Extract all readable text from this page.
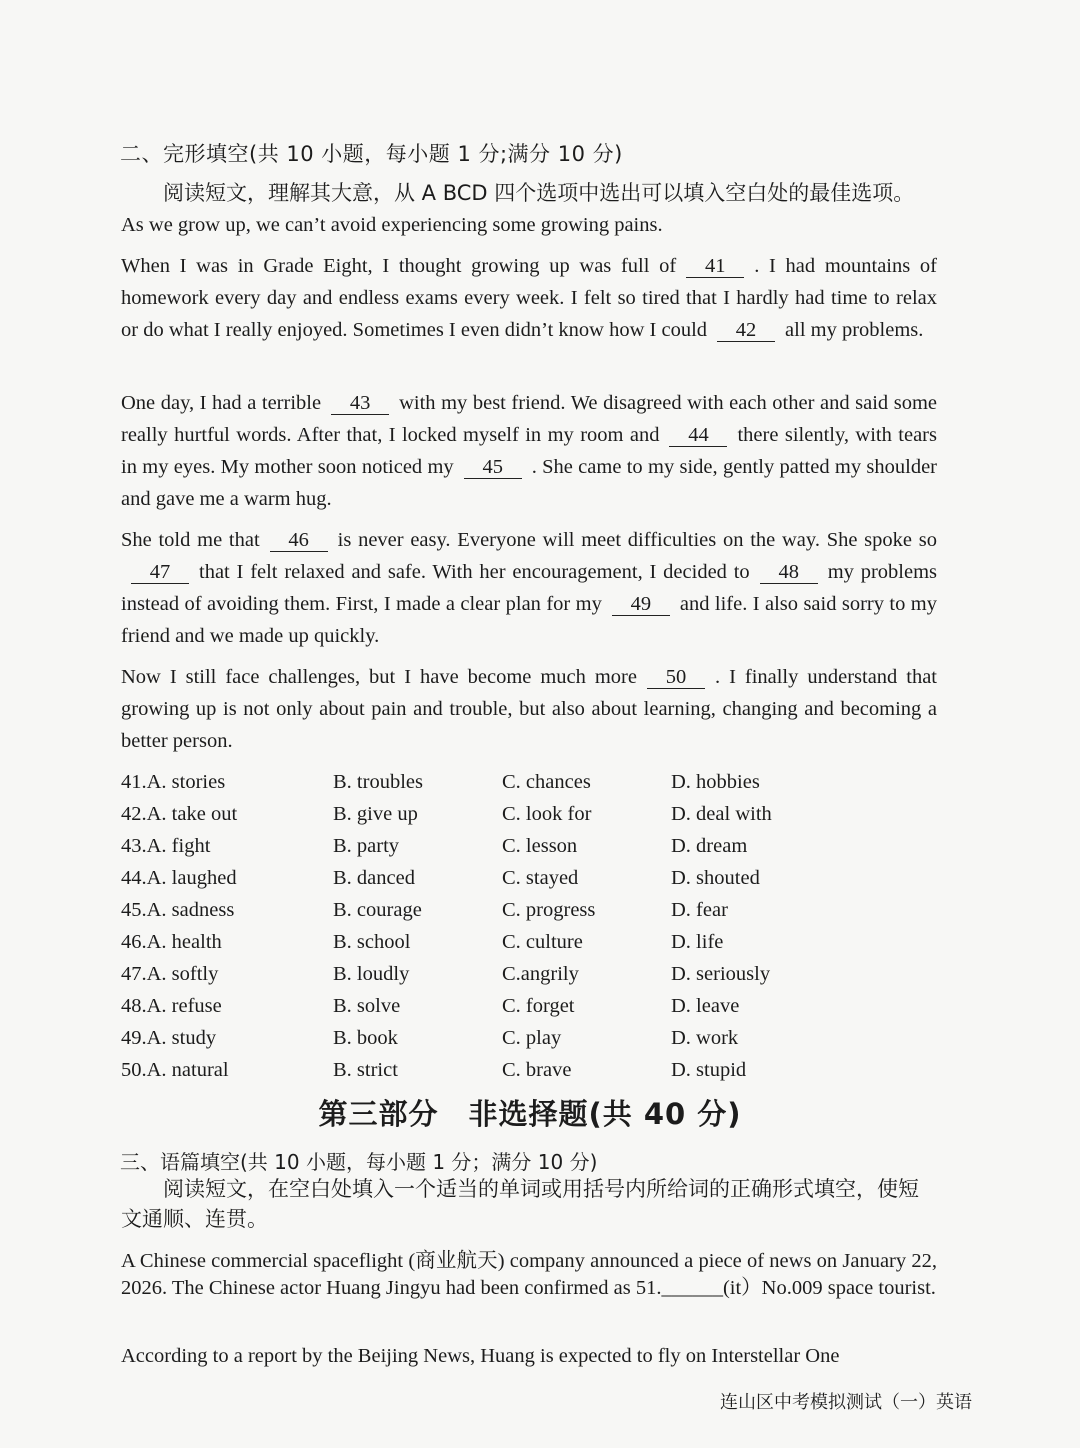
二、完形填空(共 10 小题，每小题 1 分;满分 10 分)
阅读短文，理解其大意，从 A BCD 四个选项中选出可以填入空白处的最佳选项。
As we grow up, we can’t avoid experiencing some growing pains.
When I was in Grade Eight, I thought growing up was full of 41 . I had mountains of homework every day and endless exams every week. I felt so tired that I hardly had time to relax or do what I really enjoyed. Sometimes I even didn’t know how I could 42 all my problems.
One day, I had a terrible 43 with my best friend. We disagreed with each other and said some really hurtful words. After that, I locked myself in my room and 44 there silently, with tears in my eyes. My mother soon noticed my 45 . She came to my side, gently patted my shoulder and gave me a warm hug.
She told me that 46 is never easy. Everyone will meet difficulties on the way. She spoke so47 that I felt relaxed and safe. With her encouragement, I decided to 48 my problems instead of avoiding them. First, I made a clear plan for my 49 and life. I also said sorry to my friend and we made up quickly.
Now I still face challenges, but I have become much more 50 . I finally understand that growing up is not only about pain and trouble, but also about learning, changing and becoming a better person.
41.A. stories	B. troubles	C. chances	D. hobbies
42.A. take out	B. give up	C. look for	D. deal with
43.A. fight	B. party	C. lesson	D. dream
44.A. laughed	B. danced	C. stayed	D. shouted
45.A. sadness	B. courage	C. progress	D. fear
46.A. health	B. school	C. culture	D. life
47.A. softly	B. loudly	C.angrily	D. seriously
48.A. refuse	B. solve	C. forget	D. leave
49.A. study	B. book	C. play	D. work
50.A. natural	B. strict	C. brave	D. stupid
第三部分　非选择题(共 40 分)
三、语篇填空(共 10 小题，每小题 1 分；满分 10 分)
阅读短文，在空白处填入一个适当的单词或用括号内所给词的正确形式填空，使短文通顺、连贯。
A Chinese commercial spaceflight (商业航天) company announced a piece of news on January 22, 2026. The Chinese actor Huang Jingyu had been confirmed as 51.______(it）No.009 space tourist.
According to a report by the Beijing News, Huang is expected to fly on Interstellar One
连山区中考模拟测试（一）英语
